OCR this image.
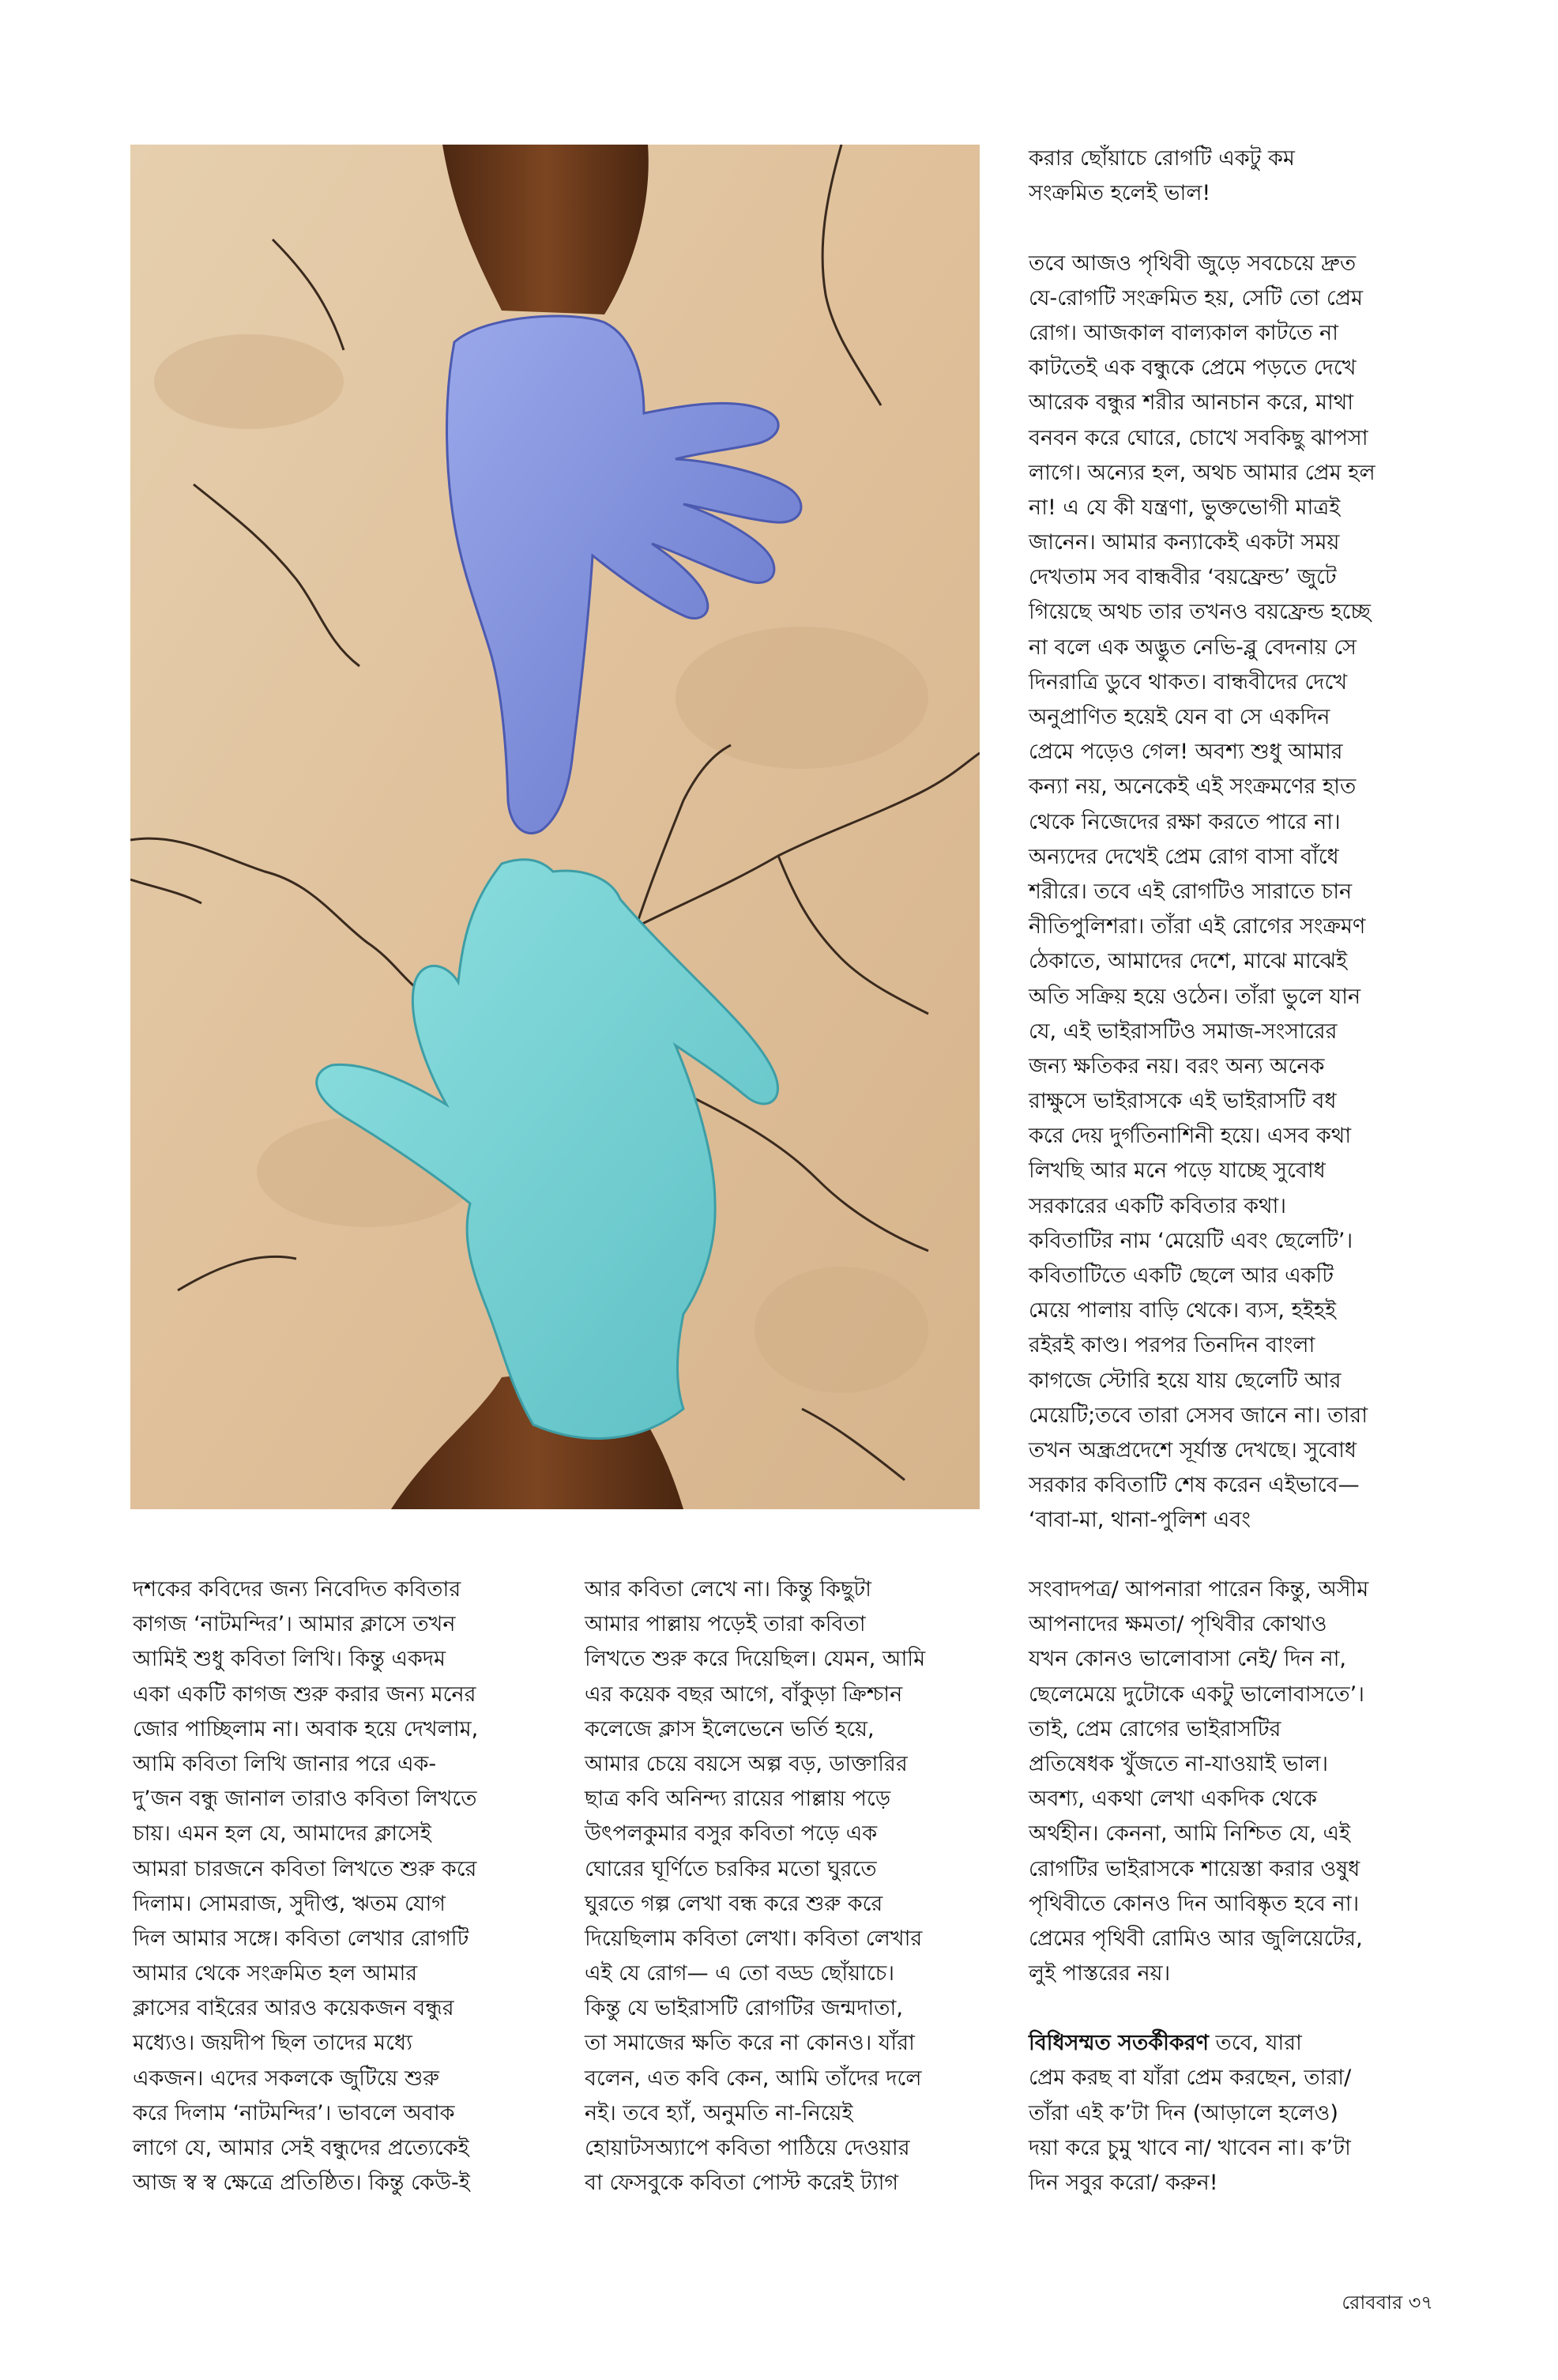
করার ছোঁয়াচে রোগটি একটু কম
সংক্রমিত হলেই ভাল!
তবে আজও পৃথিবী জুড়ে সবচেয়ে দ্রুত
যে-রোগটি সংক্রমিত হয়, সেটি তো প্রেম
রোগ। আজকাল বাল্যকাল কাটতে না
কাটতেই এক বন্ধুকে প্রেমে পড়তে দেখে
আরেক বন্ধুর শরীর আনচান করে, মাথা
বনবন করে ঘোরে, চোখে সবকিছু ঝাপসা
লাগে। অন্যের হল, অথচ আমার প্রেম হল
না! এ যে কী যন্ত্রণা, ভুক্তভোগী মাত্রই
জানেন। আমার কন্যাকেই একটা সময়
দেখতাম সব বান্ধবীর ‘বয়ফ্রেন্ড’ জুটে
গিয়েছে অথচ তার তখনও বয়ফ্রেন্ড হচ্ছে
না বলে এক অদ্ভুত নেভি-ব্লু বেদনায় সে
দিনরাত্রি ডুবে থাকত। বান্ধবীদের দেখে
অনুপ্রাণিত হয়েই যেন বা সে একদিন
প্রেমে পড়েও গেল! অবশ্য শুধু আমার
কন্যা নয়, অনেকেই এই সংক্রমণের হাত
থেকে নিজেদের রক্ষা করতে পারে না।
অন্যদের দেখেই প্রেম রোগ বাসা বাঁধে
শরীরে। তবে এই রোগটিও সারাতে চান
নীতিপুলিশরা। তাঁরা এই রোগের সংক্রমণ
ঠেকাতে, আমাদের দেশে, মাঝে মাঝেই
অতি সক্রিয় হয়ে ওঠেন। তাঁরা ভুলে যান
যে, এই ভাইরাসটিও সমাজ-সংসারের
জন্য ক্ষতিকর নয়। বরং অন্য অনেক
রাক্ষুসে ভাইরাসকে এই ভাইরাসটি বধ
করে দেয় দুর্গতিনাশিনী হয়ে। এসব কথা
লিখছি আর মনে পড়ে যাচ্ছে সুবোধ
সরকারের একটি কবিতার কথা।
কবিতাটির নাম ‘মেয়েটি এবং ছেলেটি’।
কবিতাটিতে একটি ছেলে আর একটি
মেয়ে পালায় বাড়ি থেকে। ব্যস, হইহই
রইরই কাণ্ড। পরপর তিনদিন বাংলা
কাগজে স্টোরি হয়ে যায় ছেলেটি আর
মেয়েটি;তবে তারা সেসব জানে না। তারা
তখন অন্ধ্রপ্রদেশে সূর্যাস্ত দেখছে। সুবোধ
সরকার কবিতাটি শেষ করেন এইভাবে—
‘বাবা-মা, থানা-পুলিশ এবং
দশকের কবিদের জন্য নিবেদিত কবিতার
কাগজ ‘নাটমন্দির’। আমার ক্লাসে তখন
আমিই শুধু কবিতা লিখি। কিন্তু একদম
একা একটি কাগজ শুরু করার জন্য মনের
জোর পাচ্ছিলাম না। অবাক হয়ে দেখলাম,
আমি কবিতা লিখি জানার পরে এক-
দু’জন বন্ধু জানাল তারাও কবিতা লিখতে
চায়। এমন হল যে, আমাদের ক্লাসেই
আমরা চারজনে কবিতা লিখতে শুরু করে
দিলাম। সোমরাজ, সুদীপ্ত, ঋতম যোগ
দিল আমার সঙ্গে। কবিতা লেখার রোগটি
আমার থেকে সংক্রমিত হল আমার
ক্লাসের বাইরের আরও কয়েকজন বন্ধুর
মধ্যেও। জয়দীপ ছিল তাদের মধ্যে
একজন। এদের সকলকে জুটিয়ে শুরু
করে দিলাম ‘নাটমন্দির’। ভাবলে অবাক
লাগে যে, আমার সেই বন্ধুদের প্রত্যেকেই
আজ স্ব স্ব ক্ষেত্রে প্রতিষ্ঠিত। কিন্তু কেউ-ই
আর কবিতা লেখে না। কিন্তু কিছুটা
আমার পাল্লায় পড়েই তারা কবিতা
লিখতে শুরু করে দিয়েছিল। যেমন, আমি
এর কয়েক বছর আগে, বাঁকুড়া ক্রিশ্চান
কলেজে ক্লাস ইলেভেনে ভর্তি হয়ে,
আমার চেয়ে বয়সে অল্প বড়, ডাক্তারির
ছাত্র কবি অনিন্দ্য রায়ের পাল্লায় পড়ে
উৎপলকুমার বসুর কবিতা পড়ে এক
ঘোরের ঘূর্ণিতে চরকির মতো ঘুরতে
ঘুরতে গল্প লেখা বন্ধ করে শুরু করে
দিয়েছিলাম কবিতা লেখা। কবিতা লেখার
এই যে রোগ— এ তো বড্ড ছোঁয়াচে।
কিন্তু যে ভাইরাসটি রোগটির জন্মদাতা,
তা সমাজের ক্ষতি করে না কোনও। যাঁরা
বলেন, এত কবি কেন, আমি তাঁদের দলে
নই। তবে হ্যাঁ, অনুমতি না-নিয়েই
হোয়াটসঅ্যাপে কবিতা পাঠিয়ে দেওয়ার
বা ফেসবুকে কবিতা পোস্ট করেই ট্যাগ
সংবাদপত্র/ আপনারা পারেন কিন্তু, অসীম
আপনাদের ক্ষমতা/ পৃথিবীর কোথাও
যখন কোনও ভালোবাসা নেই/ দিন না,
ছেলেমেয়ে দুটোকে একটু ভালোবাসতে’।
তাই, প্রেম রোগের ভাইরাসটির
প্রতিষেধক খুঁজতে না-যাওয়াই ভাল।
অবশ্য, একথা লেখা একদিক থেকে
অর্থহীন। কেননা, আমি নিশ্চিত যে, এই
রোগটির ভাইরাসকে শায়েস্তা করার ওষুধ
পৃথিবীতে কোনও দিন আবিষ্কৃত হবে না।
প্রেমের পৃথিবী রোমিও আর জুলিয়েটের,
লুই পাস্তরের নয়।
বিধিসম্মত সতর্কীকরণ তবে, যারা
প্রেম করছ বা যাঁরা প্রেম করছেন, তারা/
তাঁরা এই ক’টা দিন (আড়ালে হলেও)
দয়া করে চুমু খাবে না/ খাবেন না। ক’টা
দিন সবুর করো/ করুন!
রোববার ৩৭
